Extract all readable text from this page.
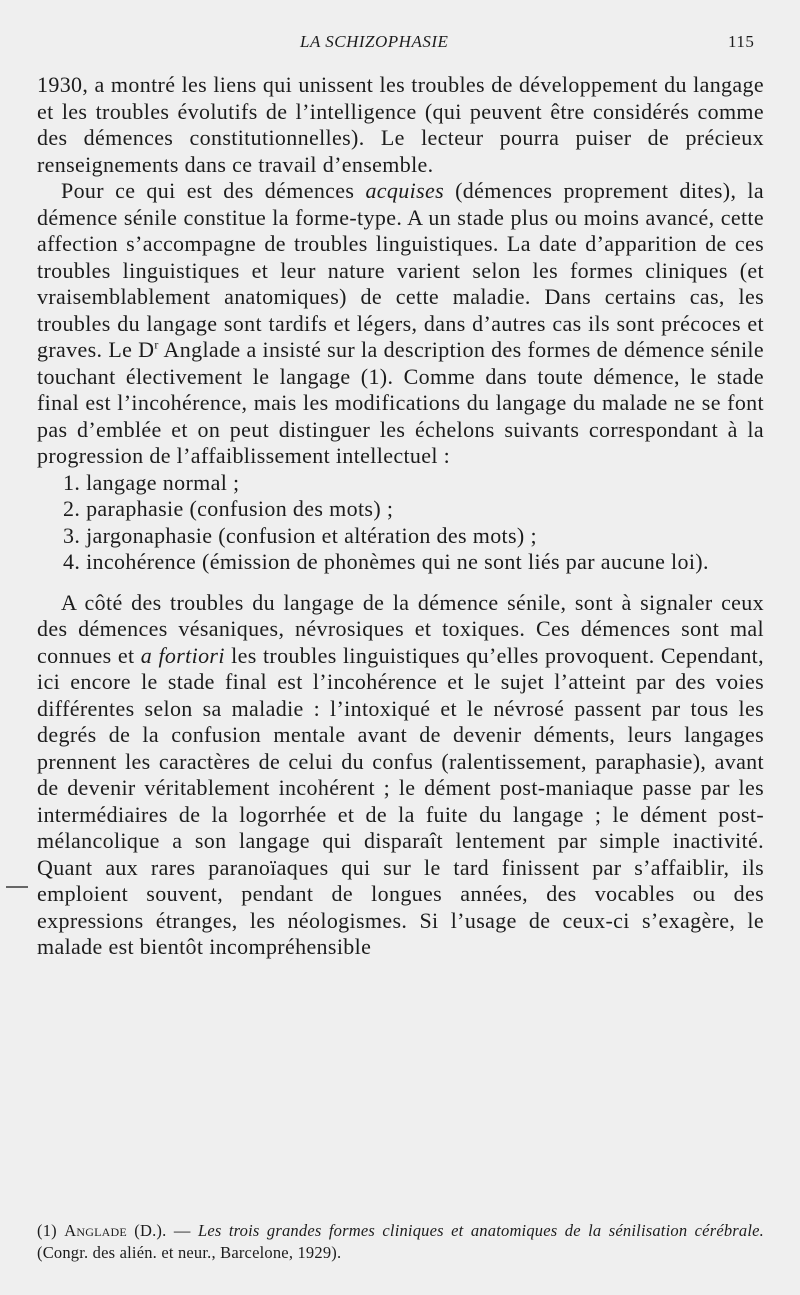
LA SCHIZOPHASIE	115

1930, a montré les liens qui unissent les troubles de développement du langage et les troubles évolutifs de l’intelligence (qui peuvent être considérés comme des démences constitutionnelles). Le lecteur pourra puiser de précieux renseignements dans ce travail d’ensemble.

Pour ce qui est des démences acquises (démences proprement dites), la démence sénile constitue la forme-type. A un stade plus ou moins avancé, cette affection s’accompagne de troubles linguistiques. La date d’apparition de ces troubles linguistiques et leur nature varient selon les formes cliniques (et vraisemblablement anatomiques) de cette maladie. Dans certains cas, les troubles du langage sont tardifs et légers, dans d’autres cas ils sont précoces et graves. Le $D^r$ Anglade a insisté sur la description des formes de démence sénile touchant électivement le langage (1). Comme dans toute démence, le stade final est l’incohérence, mais les modifications du langage du malade ne se font pas d’emblée et on peut distinguer les échelons suivants correspondant à la progression de l’affaiblissement intellectuel :

1. langage normal ;

2. paraphasie (confusion des mots) ;

3. jargonaphasie (confusion et altération des mots) ;

4. incohérence (émission de phonèmes qui ne sont liés par aucune loi).

A côté des troubles du langage de la démence sénile, sont à signaler ceux des démences vésaniques, névrosiques et toxiques. Ces démences sont mal connues et a fortiori les troubles linguistiques qu’elles provoquent. Cependant, ici encore le stade final est l’incohérence et le sujet l’atteint par des voies différentes selon sa maladie : l’intoxiqué et le névrosé passent par tous les degrés de la confusion mentale avant de devenir déments, leurs langages prennent les caractères de celui du confus (ralentissement, paraphasie), avant de devenir véritablement incohérent ; le dément post-maniaque passe par les intermédiaires de la logorrhée et de la fuite du langage ; le dément post-mélancolique a son langage qui disparaît lentement par simple inactivité. Quant aux rares paranoïaques qui sur le tard finissent par s’affaiblir, ils emploient souvent, pendant de longues années, des vocables ou des expressions étranges, les néologismes. Si l’usage de ceux-ci s’exagère, le malade est bientôt incompréhensible

(1) Anglade (D.). — Les trois grandes formes cliniques et anatomiques de la sénilisation cérébrale. (Congr. des alién. et neur., Barcelone, 1929).
